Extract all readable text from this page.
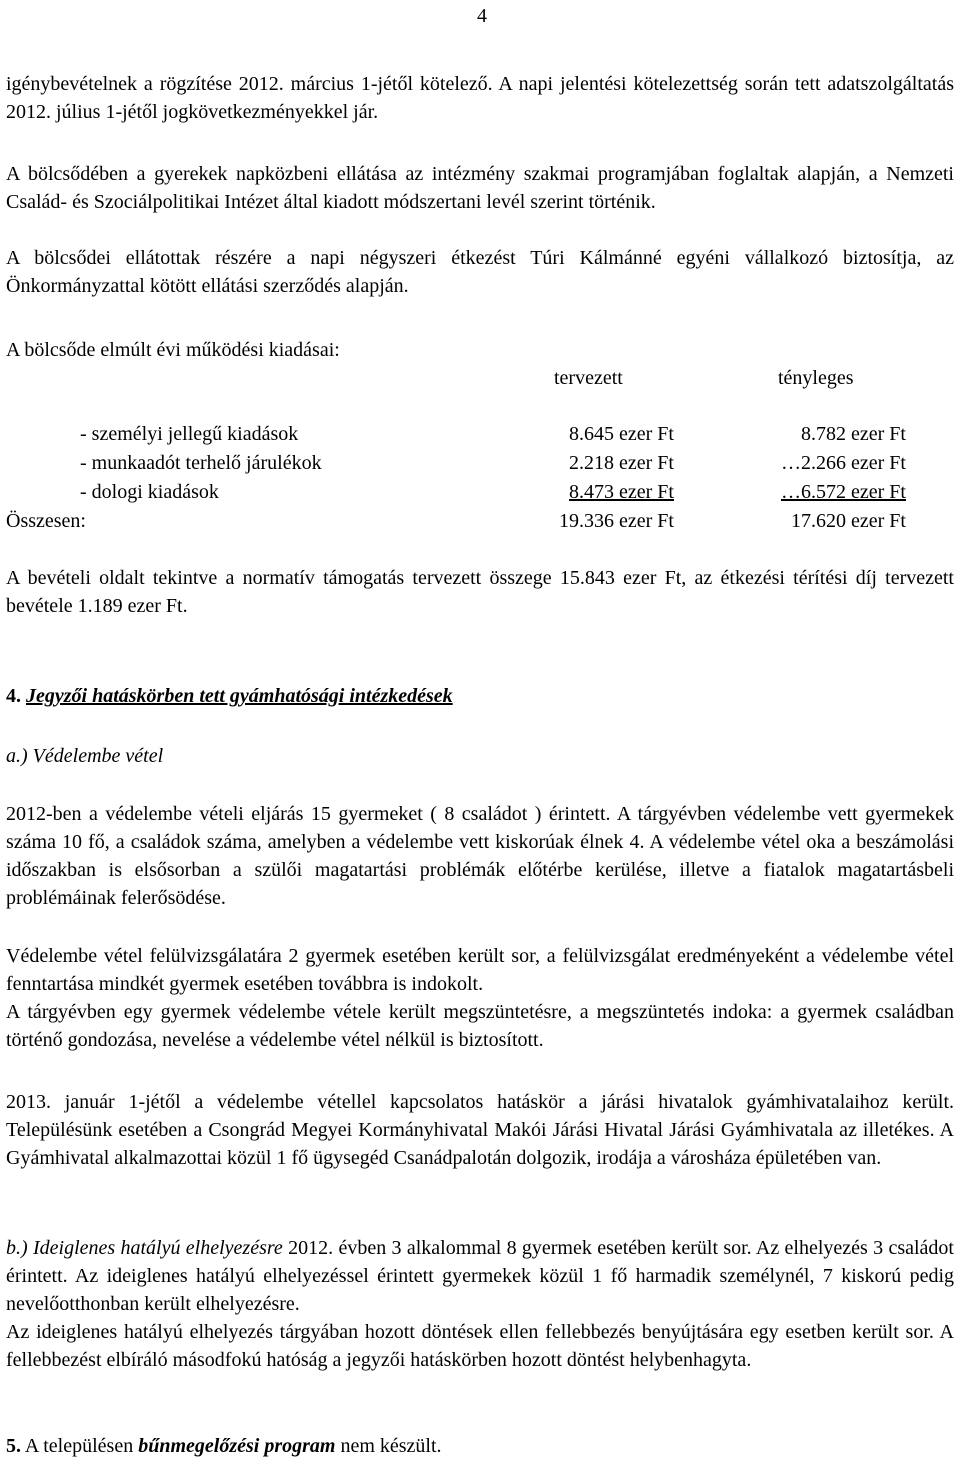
4

igénybevételnek a rögzítése 2012. március 1-jétől kötelező. A napi jelentési kötelezettség során tett adatszolgáltatás 2012. július 1-jétől jogkövetkezményekkel jár.

A bölcsődében a gyerekek napközbeni ellátása az intézmény szakmai programjában foglaltak alapján, a Nemzeti Család- és Szociálpolitikai Intézet által kiadott módszertani levél szerint történik.

A bölcsődei ellátottak részére a napi négyszeri étkezést Túri Kálmánné egyéni vállalkozó biztosítja, az Önkormányzattal kötött ellátási szerződés alapján.

A bölcsőde elmúlt évi működési kiadásai:
tervezett	tényleges
- személyi jellegű kiadások	8.645 ezer Ft	8.782 ezer Ft
- munkaadót terhelő járulékok	2.218 ezer Ft	…2.266 ezer Ft
- dologi kiadások	8.473 ezer Ft	…6.572 ezer Ft
Összesen:	19.336 ezer Ft	17.620 ezer Ft

A bevételi oldalt tekintve a normatív támogatás tervezett összege 15.843 ezer Ft, az étkezési térítési díj tervezett bevétele 1.189 ezer Ft.

4. Jegyzői hatáskörben tett gyámhatósági intézkedések
a.) Védelembe vétel

2012-ben a védelembe vételi eljárás 15 gyermeket ( 8 családot ) érintett. A tárgyévben védelembe vett gyermekek száma 10 fő, a családok száma, amelyben a védelembe vett kiskorúak élnek 4. A védelembe vétel oka a beszámolási időszakban is elsősorban a szülői magatartási problémák előtérbe kerülése, illetve a fiatalok magatartásbeli problémáinak felerősödése.

Védelembe vétel felülvizsgálatára 2 gyermek esetében került sor, a felülvizsgálat eredményeként a védelembe vétel fenntartása mindkét gyermek esetében továbbra is indokolt.

A tárgyévben egy gyermek védelembe vétele került megszüntetésre, a megszüntetés indoka: a gyermek családban történő gondozása, nevelése a védelembe vétel nélkül is biztosított.

2013. január 1-jétől a védelembe vétellel kapcsolatos hatáskör a járási hivatalok gyámhivatalaihoz került. Településünk esetében a Csongrád Megyei Kormányhivatal Makói Járási Hivatal Járási Gyámhivatala az illetékes. A Gyámhivatal alkalmazottai közül 1 fő ügysegéd Csanádpalotán dolgozik, irodája a városháza épületében van.

b.) Ideiglenes hatályú elhelyezésre 2012. évben 3 alkalommal 8 gyermek esetében került sor. Az elhelyezés 3 családot érintett. Az ideiglenes hatályú elhelyezéssel érintett gyermekek közül 1 fő harmadik személynél, 7 kiskorú pedig nevelőotthonban került elhelyezésre.

Az ideiglenes hatályú elhelyezés tárgyában hozott döntések ellen fellebbezés benyújtására egy esetben került sor. A fellebbezést elbíráló másodfokú hatóság a jegyzői hatáskörben hozott döntést helybenhagyta.

5. A településen bűnmegelőzési program nem készült.
